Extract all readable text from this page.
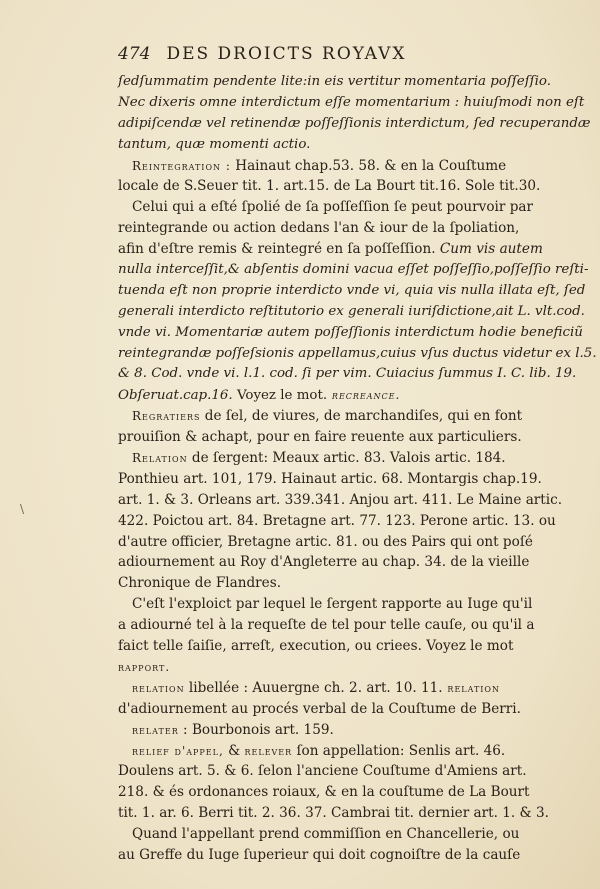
474 DES DROICTS ROYAVX
\
ſedſummatim pendente lite:in eis vertitur momentaria poſſeſſio.
Nec dixeris omne interdictum eſſe momentarium : huiuſmodi non eſt
adipiſcendæ vel retinendæ poſſeſſionis interdictum, ſed recuperandæ
tantum, quæ momenti actio.
Reintegration : Hainaut chap.53. 58. & en la Couſtume
locale de S.Seuer tit. 1. art.15. de La Bourt tit.16. Sole tit.30.
Celui qui a eſté ſpolié de ſa poſſeſſion ſe peut pourvoir par
reintegrande ou action dedans l'an & iour de la ſpoliation,
afin d'eſtre remis & reintegré en ſa poſſeſſion. Cum vis autem
nulla interceſſit,& abſentis domini vacua eſſet poſſeſſio,poſſeſſio reſti-
tuenda eſt non proprie interdicto vnde vi, quia vis nulla illata eſt, ſed
generali interdicto reſtitutorio ex generali iuriſdictione,ait L. vlt.cod.
vnde vi. Momentariæ autem poſſeſſionis interdictum hodie beneficiũ
reintegrandæ poſſeſsionis appellamus,cuius vſus ductus videtur ex l.5.
& 8. Cod. vnde vi. l.1. cod. ſi per vim. Cuiacius ſummus I. C. lib. 19.
Obſeruat.cap.16. Voyez le mot. recreance.
Regratiers de ſel, de viures, de marchandiſes, qui en font
prouiſion & achapt, pour en faire reuente aux particuliers.
Relation de ſergent: Meaux artic. 83. Valois artic. 184.
Ponthieu art. 101, 179. Hainaut artic. 68. Montargis chap.19.
art. 1. & 3. Orleans art. 339.341. Anjou art. 411. Le Maine artic.
422. Poictou art. 84. Bretagne art. 77. 123. Perone artic. 13. ou
d'autre officier, Bretagne artic. 81. ou des Pairs qui ont poſé
adiournement au Roy d'Angleterre au chap. 34. de la vieille
Chronique de Flandres.
C'eſt l'exploict par lequel le ſergent rapporte au Iuge qu'il
a adiourné tel à la requeſte de tel pour telle cauſe, ou qu'il a
faict telle ſaiſie, arreſt, execution, ou criees. Voyez le mot
rapport.
relation libellée : Auuergne ch. 2. art. 10. 11. relation
d'adiournement au procés verbal de la Couſtume de Berri.
relater : Bourbonois art. 159.
relief d'appel, & relever ſon appellation: Senlis art. 46.
Doulens art. 5. & 6. ſelon l'anciene Couſtume d'Amiens art.
218. & és ordonances roiaux, & en la couſtume de La Bourt
tit. 1. ar. 6. Berri tit. 2. 36. 37. Cambrai tit. dernier art. 1. & 3.
Quand l'appellant prend commiſſion en Chancellerie, ou
au Greffe du Iuge ſuperieur qui doit cognoiſtre de la cauſe
